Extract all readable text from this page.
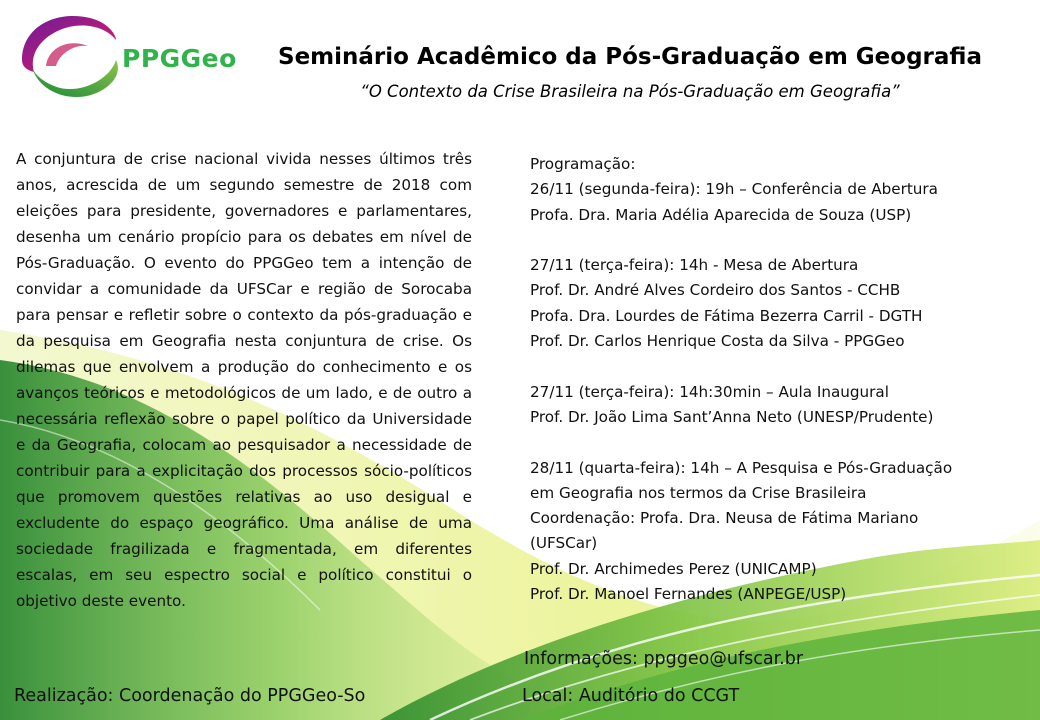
PPGGeo	Seminário Acadêmico da Pós-Graduação em Geografia
“O Contexto da Crise Brasileira na Pós-Graduação em Geografia”
A conjuntura de crise nacional vivida nesses últimos três anos, acrescida de um segundo semestre de 2018 com eleições para presidente, governadores e parlamentares, desenha um cenário propício para os debates em nível de Pós-Graduação. O evento do PPGGeo tem a intenção de convidar a comunidade da UFSCar e região de Sorocaba para pensar e refletir sobre o contexto da pós-graduação e da pesquisa em Geografia nesta conjuntura de crise. Os dilemas que envolvem a produção do conhecimento e os avanços teóricos e metodológicos de um lado, e de outro a necessária reflexão sobre o papel político da Universidade e da Geografia, colocam ao pesquisador a necessidade de contribuir para a explicitação dos processos sócio-políticos que promovem questões relativas ao uso desigual e excludente do espaço geográfico. Uma análise de uma sociedade fragilizada e fragmentada, em diferentes escalas, em seu espectro social e político constitui o objetivo deste evento.
Programação:
26/11 (segunda-feira): 19h – Conferência de Abertura
Profa. Dra. Maria Adélia Aparecida de Souza (USP)
27/11 (terça-feira): 14h - Mesa de Abertura
Prof. Dr. André Alves Cordeiro dos Santos - CCHB
Profa. Dra. Lourdes de Fátima Bezerra Carril - DGTH
Prof. Dr. Carlos Henrique Costa da Silva - PPGGeo
27/11 (terça-feira): 14h:30min – Aula Inaugural
Prof. Dr. João Lima Sant’Anna Neto (UNESP/Prudente)
28/11 (quarta-feira): 14h – A Pesquisa e Pós-Graduação
em Geografia nos termos da Crise Brasileira
Coordenação: Profa. Dra. Neusa de Fátima Mariano
(UFSCar)
Prof. Dr. Archimedes Perez (UNICAMP)
Prof. Dr. Manoel Fernandes (ANPEGE/USP)
Informações: ppggeo@ufscar.br
Realização: Coordenação do PPGGeo-So	Local: Auditório do CCGT
